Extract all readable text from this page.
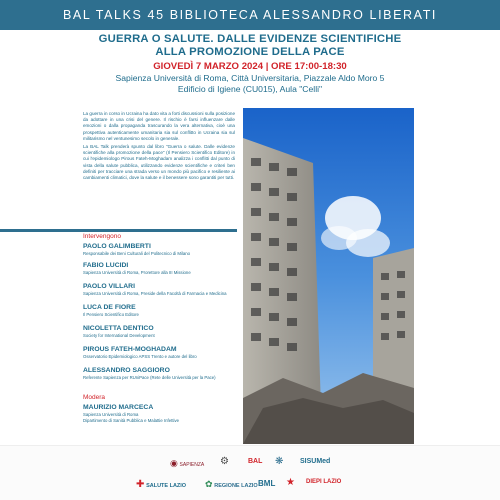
BAL TALKS 45 BIBLIOTECA ALESSANDRO LIBERATI
GUERRA O SALUTE. DALLE EVIDENZE SCIENTIFICHE
ALLA PROMOZIONE DELLA PACE
GIOVEDÌ 7 MARZO 2024 | ORE 17:00-18:30
Sapienza Università di Roma, Città Universitaria, Piazzale Aldo Moro 5
Edificio di Igiene (CU015), Aula "Celli"

La guerra in corso in Ucraina ha dato vita a forti discussioni sulla posizione da adottare in una crisi del genere. Il rischio è farsi influenzare dalle emozioni o dalla propaganda trascurando la vera alternativa, cioè una prospettiva autenticamente umanitaria sia sul conflitto in Ucraina sia sul militarismo nel ventunesimo secolo in generale.

La BAL Talk prenderà spunto dal libro "Guerra o salute. Dalle evidenze scientifiche alla promozione della pace" (Il Pensiero Scientifico Editore) in cui l'epidemiologo Pirous Fateh-Moghadam analizza i conflitti dal punto di vista della salute pubblica, utilizzando evidenze scientifiche e criteri ben definiti per tracciare una strada verso un mondo più pacifico e resiliente ai cambiamenti climatici, dove la salute e il benessere sono garantiti per tutti.

Intervengono
PAOLO GALIMBERTI
Responsabile dei Beni Culturali del Politecnico di Milano
FABIO LUCIDI
Sapienza Università di Roma, Prorettore alla III Missione
PAOLO VILLARI
Sapienza Università di Roma, Preside della Facoltà di Farmacia e Medicina
LUCA DE FIORE
Il Pensiero Scientifico Editore
NICOLETTA DENTICO
Society for International Development
PIROUS FATEH-MOGHADAM
Osservatorio Epidemiologico APSS Trento e autore del libro
ALESSANDRO SAGGIORO
Referente Sapienza per RUniPace (Rete delle Università per la Pace)
Modera
MAURIZIO MARCECA
Sapienza Università di Roma
Dipartimento di Sanità Pubblica e Malattie Infettive
◉ SAPIENZA ⚙	BAL ❋ SISUMed
✚ SALUTE LAZIO ✿ REGIONE LAZIO BML ★ DIEPI LAZIO
